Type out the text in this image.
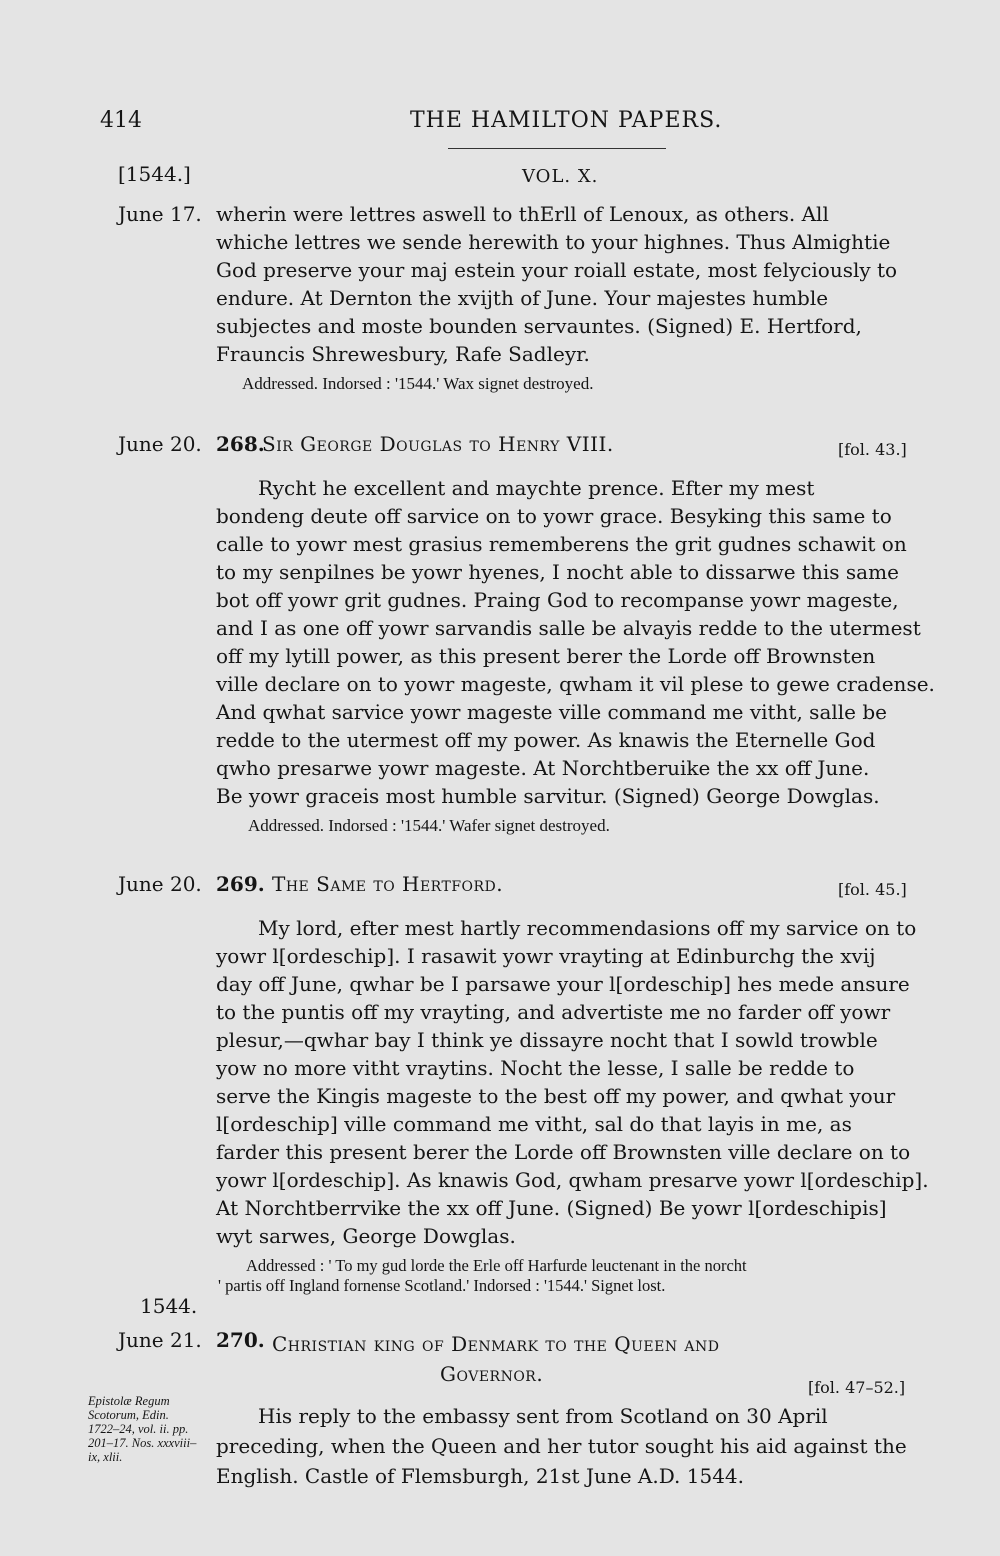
414	THE HAMILTON PAPERS.
[1544.]	VOL. X.
June 17. wherin were lettres aswell to thErll of Lenoux, as others. All
whiche lettres we sende herewith to your highnes. Thus Almightie
God preserve your maj estein your roiall estate, most felyciously to
endure. At Dernton the xvijth of June. Your majestes humble
subjectes and moste bounden servauntes. (Signed) E. Hertford,
Frauncis Shrewesbury, Rafe Sadleyr.
Addressed. Indorsed : '1544.' Wax signet destroyed.
June 20. 268.
Sir George Douglas to Henry VIII.	[fol. 43.]
Rycht he excellent and maychte prence. Efter my mest
bondeng deute off sarvice on to yowr grace. Besyking this same to
calle to yowr mest grasius rememberens the grit gudnes schawit on
to my senpilnes be yowr hyenes, I nocht able to dissarwe this same
bot off yowr grit gudnes. Praing God to recompanse yowr mageste,
and I as one off yowr sarvandis salle be alvayis redde to the utermest
off my lytill power, as this present berer the Lorde off Brownsten
ville declare on to yowr mageste, qwham it vil plese to gewe cradense.
And qwhat sarvice yowr mageste ville command me vitht, salle be
redde to the utermest off my power. As knawis the Eternelle God
qwho presarwe yowr mageste. At Norchtberuike the xx off June.
Be yowr graceis most humble sarvitur. (Signed) George Dowglas.
Addressed. Indorsed : '1544.' Wafer signet destroyed.
June 20. 269. The Same to Hertford.	[fol. 45.]
My lord, efter mest hartly recommendasions off my sarvice on to
yowr l[ordeschip]. I rasawit yowr vrayting at Edinburchg the xvij
day off June, qwhar be I parsawe your l[ordeschip] hes mede ansure
to the puntis off my vrayting, and advertiste me no farder off yowr
plesur,—qwhar bay I think ye dissayre nocht that I sowld trowble
yow no more vitht vraytins. Nocht the lesse, I salle be redde to
serve the Kingis mageste to the best off my power, and qwhat your
l[ordeschip] ville command me vitht, sal do that layis in me, as
farder this present berer the Lorde off Brownsten ville declare on to
yowr l[ordeschip]. As knawis God, qwham presarve yowr l[ordeschip].
At Norchtberrvike the xx off June. (Signed) Be yowr l[ordeschipis]
wyt sarwes, George Dowglas.
Addressed : ' To my gud lorde the Erle off Harfurde leuctenant in the norcht
' partis off Ingland fornense Scotland.' Indorsed : '1544.' Signet lost.
1544.
June 21. 270. Christian king of Denmark to the Queen and
Governor.
[fol. 47–52.]
Epistolæ Regum Scotorum, Edin. 1722–24, vol. ii. pp. 201–17. Nos. xxxviii–ix, xlii.
His reply to the embassy sent from Scotland on 30 April
preceding, when the Queen and her tutor sought his aid against the
English. Castle of Flemsburgh, 21st June A.D. 1544.
